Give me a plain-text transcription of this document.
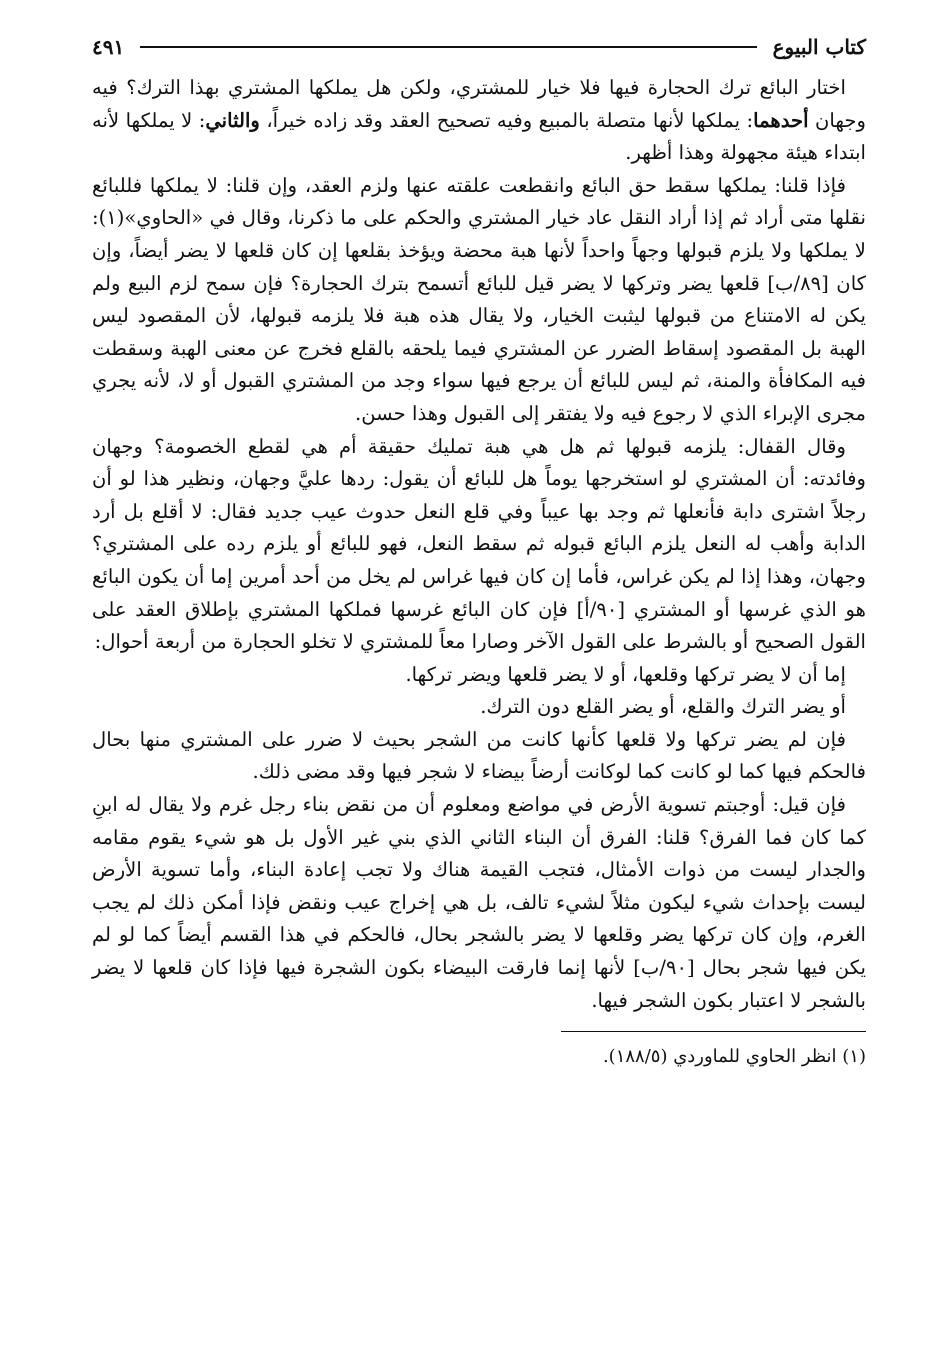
كتاب البيوع
٤٩١

اختار البائع ترك الحجارة فيها فلا خيار للمشتري، ولكن هل يملكها المشتري بهذا الترك؟ فيه وجهان أحدهما: يملكها لأنها متصلة بالمبيع وفيه تصحيح العقد وقد زاده خيراً، والثاني: لا يملكها لأنه ابتداء هيئة مجهولة وهذا أظهر.

فإذا قلنا: يملكها سقط حق البائع وانقطعت علقته عنها ولزم العقد، وإن قلنا: لا يملكها فللبائع نقلها متى أراد ثم إذا أراد النقل عاد خيار المشتري والحكم على ما ذكرنا، وقال في «الحاوي»(١): لا يملكها ولا يلزم قبولها وجهاً واحداً لأنها هبة محضة ويؤخذ بقلعها إن كان قلعها لا يضر أيضاً، وإن كان [٨٩/ب] قلعها يضر وتركها لا يضر قيل للبائع أتسمح بترك الحجارة؟ فإن سمح لزم البيع ولم يكن له الامتناع من قبولها ليثبت الخيار، ولا يقال هذه هبة فلا يلزمه قبولها، لأن المقصود ليس الهبة بل المقصود إسقاط الضرر عن المشتري فيما يلحقه بالقلع فخرج عن معنى الهبة وسقطت فيه المكافأة والمنة، ثم ليس للبائع أن يرجع فيها سواء وجد من المشتري القبول أو لا، لأنه يجري مجرى الإبراء الذي لا رجوع فيه ولا يفتقر إلى القبول وهذا حسن.

وقال القفال: يلزمه قبولها ثم هل هي هبة تمليك حقيقة أم هي لقطع الخصومة؟ وجهان وفائدته: أن المشتري لو استخرجها يوماً هل للبائع أن يقول: ردها عليَّ وجهان، ونظير هذا لو أن رجلاً اشترى دابة فأنعلها ثم وجد بها عيباً وفي قلع النعل حدوث عيب جديد فقال: لا أقلع بل أرد الدابة وأهب له النعل يلزم البائع قبوله ثم سقط النعل، فهو للبائع أو يلزم رده على المشتري؟ وجهان، وهذا إذا لم يكن غراس، فأما إن كان فيها غراس لم يخل من أحد أمرين إما أن يكون البائع هو الذي غرسها أو المشتري [٩٠/أ] فإن كان البائع غرسها فملكها المشتري بإطلاق العقد على القول الصحيح أو بالشرط على القول الآخر وصارا معاً للمشتري لا تخلو الحجارة من أربعة أحوال:

إما أن لا يضر تركها وقلعها، أو لا يضر قلعها ويضر تركها.

أو يضر الترك والقلع، أو يضر القلع دون الترك.

فإن لم يضر تركها ولا قلعها كأنها كانت من الشجر بحيث لا ضرر على المشتري منها بحال فالحكم فيها كما لو كانت كما لوكانت أرضاً بيضاء لا شجر فيها وقد مضى ذلك.

فإن قيل: أوجبتم تسوية الأرض في مواضع ومعلوم أن من نقض بناء رجل غرم ولا يقال له ابنِ كما كان فما الفرق؟ قلنا: الفرق أن البناء الثاني الذي بني غير الأول بل هو شيء يقوم مقامه والجدار ليست من ذوات الأمثال، فتجب القيمة هناك ولا تجب إعادة البناء، وأما تسوية الأرض ليست بإحداث شيء ليكون مثلاً لشيء تالف، بل هي إخراج عيب ونقض فإذا أمكن ذلك لم يجب الغرم، وإن كان تركها يضر وقلعها لا يضر بالشجر بحال، فالحكم في هذا القسم أيضاً كما لو لم يكن فيها شجر بحال [٩٠/ب] لأنها إنما فارقت البيضاء بكون الشجرة فيها فإذا كان قلعها لا يضر بالشجر لا اعتبار بكون الشجر فيها.

(١) انظر الحاوي للماوردي (١٨٨/٥).
